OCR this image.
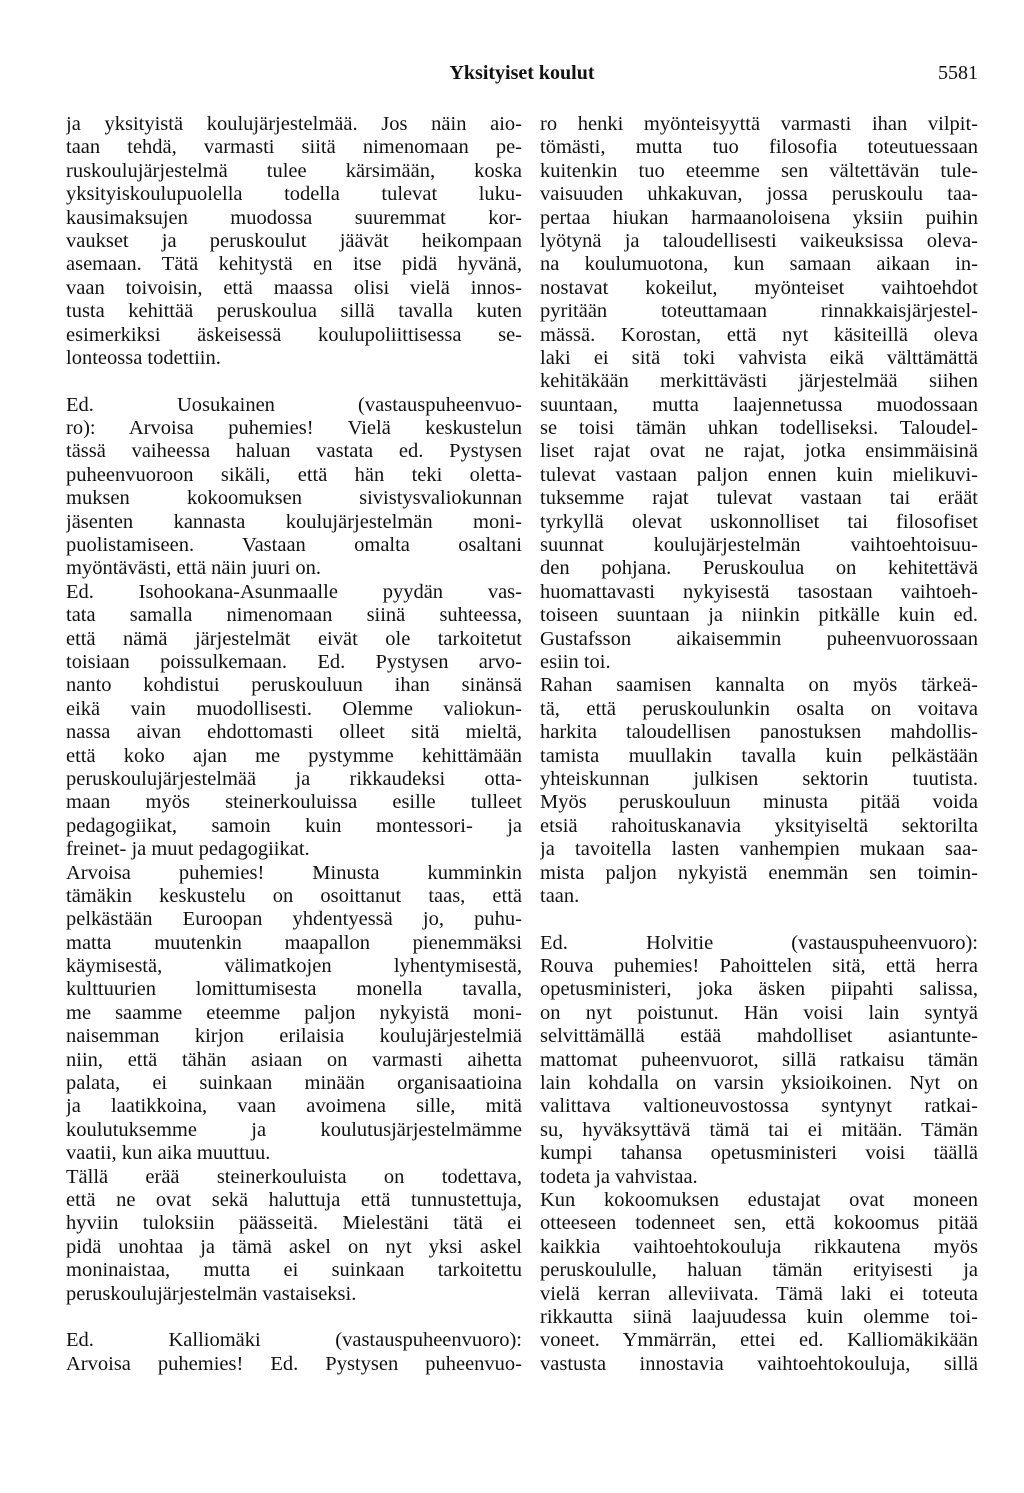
Yksityiset koulut	5581
ja yksityistä koulujärjestelmää. Jos näin aio-
taan tehdä, varmasti siitä nimenomaan pe-
ruskoulujärjestelmä tulee kärsimään, koska
yksityiskoulupuolella todella tulevat luku-
kausimaksujen muodossa suuremmat kor-
vaukset ja peruskoulut jäävät heikompaan
asemaan. Tätä kehitystä en itse pidä hyvänä,
vaan toivoisin, että maassa olisi vielä innos-
tusta kehittää peruskoulua sillä tavalla kuten
esimerkiksi äskeisessä koulupoliittisessa se-
lonteossa todettiin.
Ed. Uosukainen (vastauspuheenvuo-
ro): Arvoisa puhemies! Vielä keskustelun
tässä vaiheessa haluan vastata ed. Pystysen
puheenvuoroon sikäli, että hän teki oletta-
muksen kokoomuksen sivistysvaliokunnan
jäsenten kannasta koulujärjestelmän moni-
puolistamiseen. Vastaan omalta osaltani
myöntävästi, että näin juuri on.
Ed. Isohookana-Asunmaalle pyydän vas-
tata samalla nimenomaan siinä suhteessa,
että nämä järjestelmät eivät ole tarkoitetut
toisiaan poissulkemaan. Ed. Pystysen arvo-
nanto kohdistui peruskouluun ihan sinänsä
eikä vain muodollisesti. Olemme valiokun-
nassa aivan ehdottomasti olleet sitä mieltä,
että koko ajan me pystymme kehittämään
peruskoulujärjestelmää ja rikkaudeksi otta-
maan myös steinerkouluissa esille tulleet
pedagogiikat, samoin kuin montessori- ja
freinet- ja muut pedagogiikat.
Arvoisa puhemies! Minusta kumminkin
tämäkin keskustelu on osoittanut taas, että
pelkästään Euroopan yhdentyessä jo, puhu-
matta muutenkin maapallon pienemmäksi
käymisestä, välimatkojen lyhentymisestä,
kulttuurien lomittumisesta monella tavalla,
me saamme eteemme paljon nykyistä moni-
naisemman kirjon erilaisia koulujärjestelmiä
niin, että tähän asiaan on varmasti aihetta
palata, ei suinkaan minään organisaatioina
ja laatikkoina, vaan avoimena sille, mitä
koulutuksemme ja koulutusjärjestelmämme
vaatii, kun aika muuttuu.
Tällä erää steinerkouluista on todettava,
että ne ovat sekä haluttuja että tunnustettuja,
hyviin tuloksiin päässeitä. Mielestäni tätä ei
pidä unohtaa ja tämä askel on nyt yksi askel
moninaistaa, mutta ei suinkaan tarkoitettu
peruskoulujärjestelmän vastaiseksi.
Ed. Kalliomäki (vastauspuheenvuoro):
Arvoisa puhemies! Ed. Pystysen puheenvuo-
ro henki myönteisyyttä varmasti ihan vilpit-
tömästi, mutta tuo filosofia toteutuessaan
kuitenkin tuo eteemme sen vältettävän tule-
vaisuuden uhkakuvan, jossa peruskoulu taa-
pertaa hiukan harmaanoloisena yksiin puihin
lyötynä ja taloudellisesti vaikeuksissa oleva-
na koulumuotona, kun samaan aikaan in-
nostavat kokeilut, myönteiset vaihtoehdot
pyritään toteuttamaan rinnakkaisjärjestel-
mässä. Korostan, että nyt käsiteillä oleva
laki ei sitä toki vahvista eikä välttämättä
kehitäkään merkittävästi järjestelmää siihen
suuntaan, mutta laajennetussa muodossaan
se toisi tämän uhkan todelliseksi. Taloudel-
liset rajat ovat ne rajat, jotka ensimmäisinä
tulevat vastaan paljon ennen kuin mielikuvi-
tuksemme rajat tulevat vastaan tai eräät
tyrkyllä olevat uskonnolliset tai filosofiset
suunnat koulujärjestelmän vaihtoehtoisuu-
den pohjana. Peruskoulua on kehitettävä
huomattavasti nykyisestä tasostaan vaihtoeh-
toiseen suuntaan ja niinkin pitkälle kuin ed.
Gustafsson aikaisemmin puheenvuorossaan
esiin toi.
Rahan saamisen kannalta on myös tärkeä-
tä, että peruskoulunkin osalta on voitava
harkita taloudellisen panostuksen mahdollis-
tamista muullakin tavalla kuin pelkästään
yhteiskunnan julkisen sektorin tuutista.
Myös peruskouluun minusta pitää voida
etsiä rahoituskanavia yksityiseltä sektorilta
ja tavoitella lasten vanhempien mukaan saa-
mista paljon nykyistä enemmän sen toimin-
taan.
Ed. Holvitie (vastauspuheenvuoro):
Rouva puhemies! Pahoittelen sitä, että herra
opetusministeri, joka äsken piipahti salissa,
on nyt poistunut. Hän voisi lain syntyä
selvittämällä estää mahdolliset asiantunte-
mattomat puheenvuorot, sillä ratkaisu tämän
lain kohdalla on varsin yksioikoinen. Nyt on
valittava valtioneuvostossa syntynyt ratkai-
su, hyväksyttävä tämä tai ei mitään. Tämän
kumpi tahansa opetusministeri voisi täällä
todeta ja vahvistaa.
Kun kokoomuksen edustajat ovat moneen
otteeseen todenneet sen, että kokoomus pitää
kaikkia vaihtoehtokouluja rikkautena myös
peruskoululle, haluan tämän erityisesti ja
vielä kerran alleviivata. Tämä laki ei toteuta
rikkautta siinä laajuudessa kuin olemme toi-
voneet. Ymmärrän, ettei ed. Kalliomäkikään
vastusta innostavia vaihtoehtokouluja, sillä
